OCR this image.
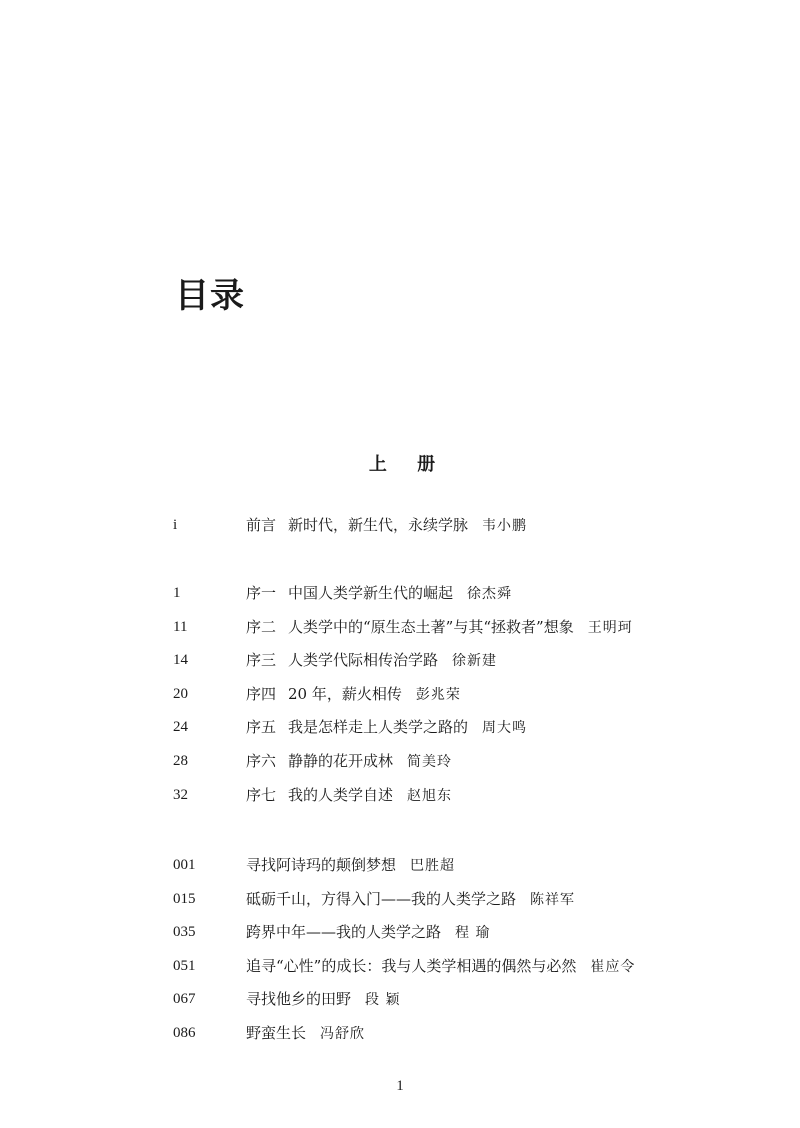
目录
上 册
i	前言 新时代，新生代，永续学脉 韦小鹏
1	序一 中国人类学新生代的崛起 徐杰舜
11	序二 人类学中的“原生态土著”与其“拯救者”想象 王明珂
14	序三 人类学代际相传治学路 徐新建
20	序四 20 年，薪火相传 彭兆荣
24	序五 我是怎样走上人类学之路的 周大鸣
28	序六 静静的花开成林 简美玲
32	序七 我的人类学自述 赵旭东
001	寻找阿诗玛的颠倒梦想 巴胜超
015	砥砺千山，方得入门——我的人类学之路 陈祥军
035	跨界中年——我的人类学之路 程 瑜
051	追寻“心性”的成长：我与人类学相遇的偶然与必然 崔应令
067	寻找他乡的田野 段 颖
086	野蛮生长 冯舒欣
1
